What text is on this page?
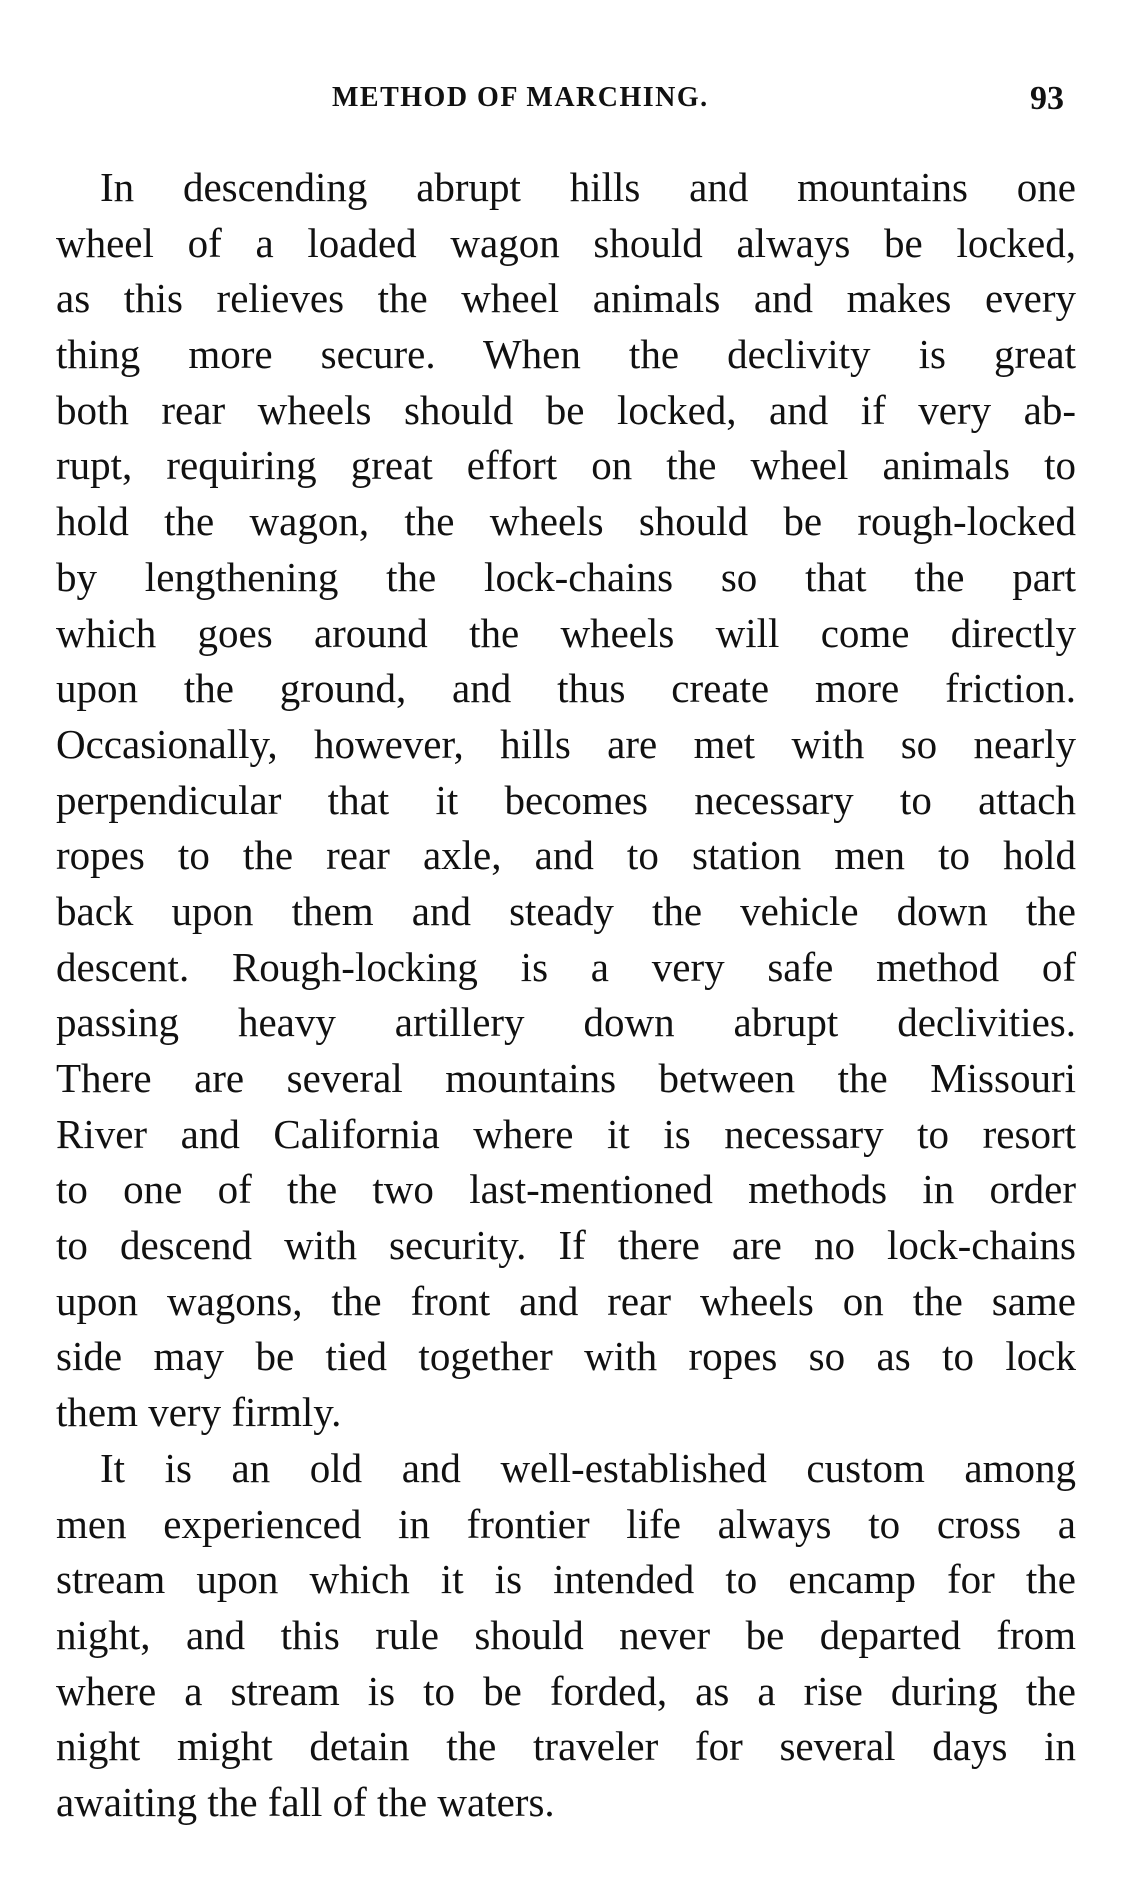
METHOD OF MARCHING.	93
In descending abrupt hills and mountains one
wheel of a loaded wagon should always be locked,
as this relieves the wheel animals and makes every
thing more secure. When the declivity is great
both rear wheels should be locked, and if very ab-
rupt, requiring great effort on the wheel animals to
hold the wagon, the wheels should be rough-locked
by lengthening the lock-chains so that the part
which goes around the wheels will come directly
upon the ground, and thus create more friction.
Occasionally, however, hills are met with so nearly
perpendicular that it becomes necessary to attach
ropes to the rear axle, and to station men to hold
back upon them and steady the vehicle down the
descent. Rough-locking is a very safe method of
passing heavy artillery down abrupt declivities.
There are several mountains between the Missouri
River and California where it is necessary to resort
to one of the two last-mentioned methods in order
to descend with security. If there are no lock-chains
upon wagons, the front and rear wheels on the same
side may be tied together with ropes so as to lock
them very firmly.
It is an old and well-established custom among
men experienced in frontier life always to cross a
stream upon which it is intended to encamp for the
night, and this rule should never be departed from
where a stream is to be forded, as a rise during the
night might detain the traveler for several days in
awaiting the fall of the waters.
